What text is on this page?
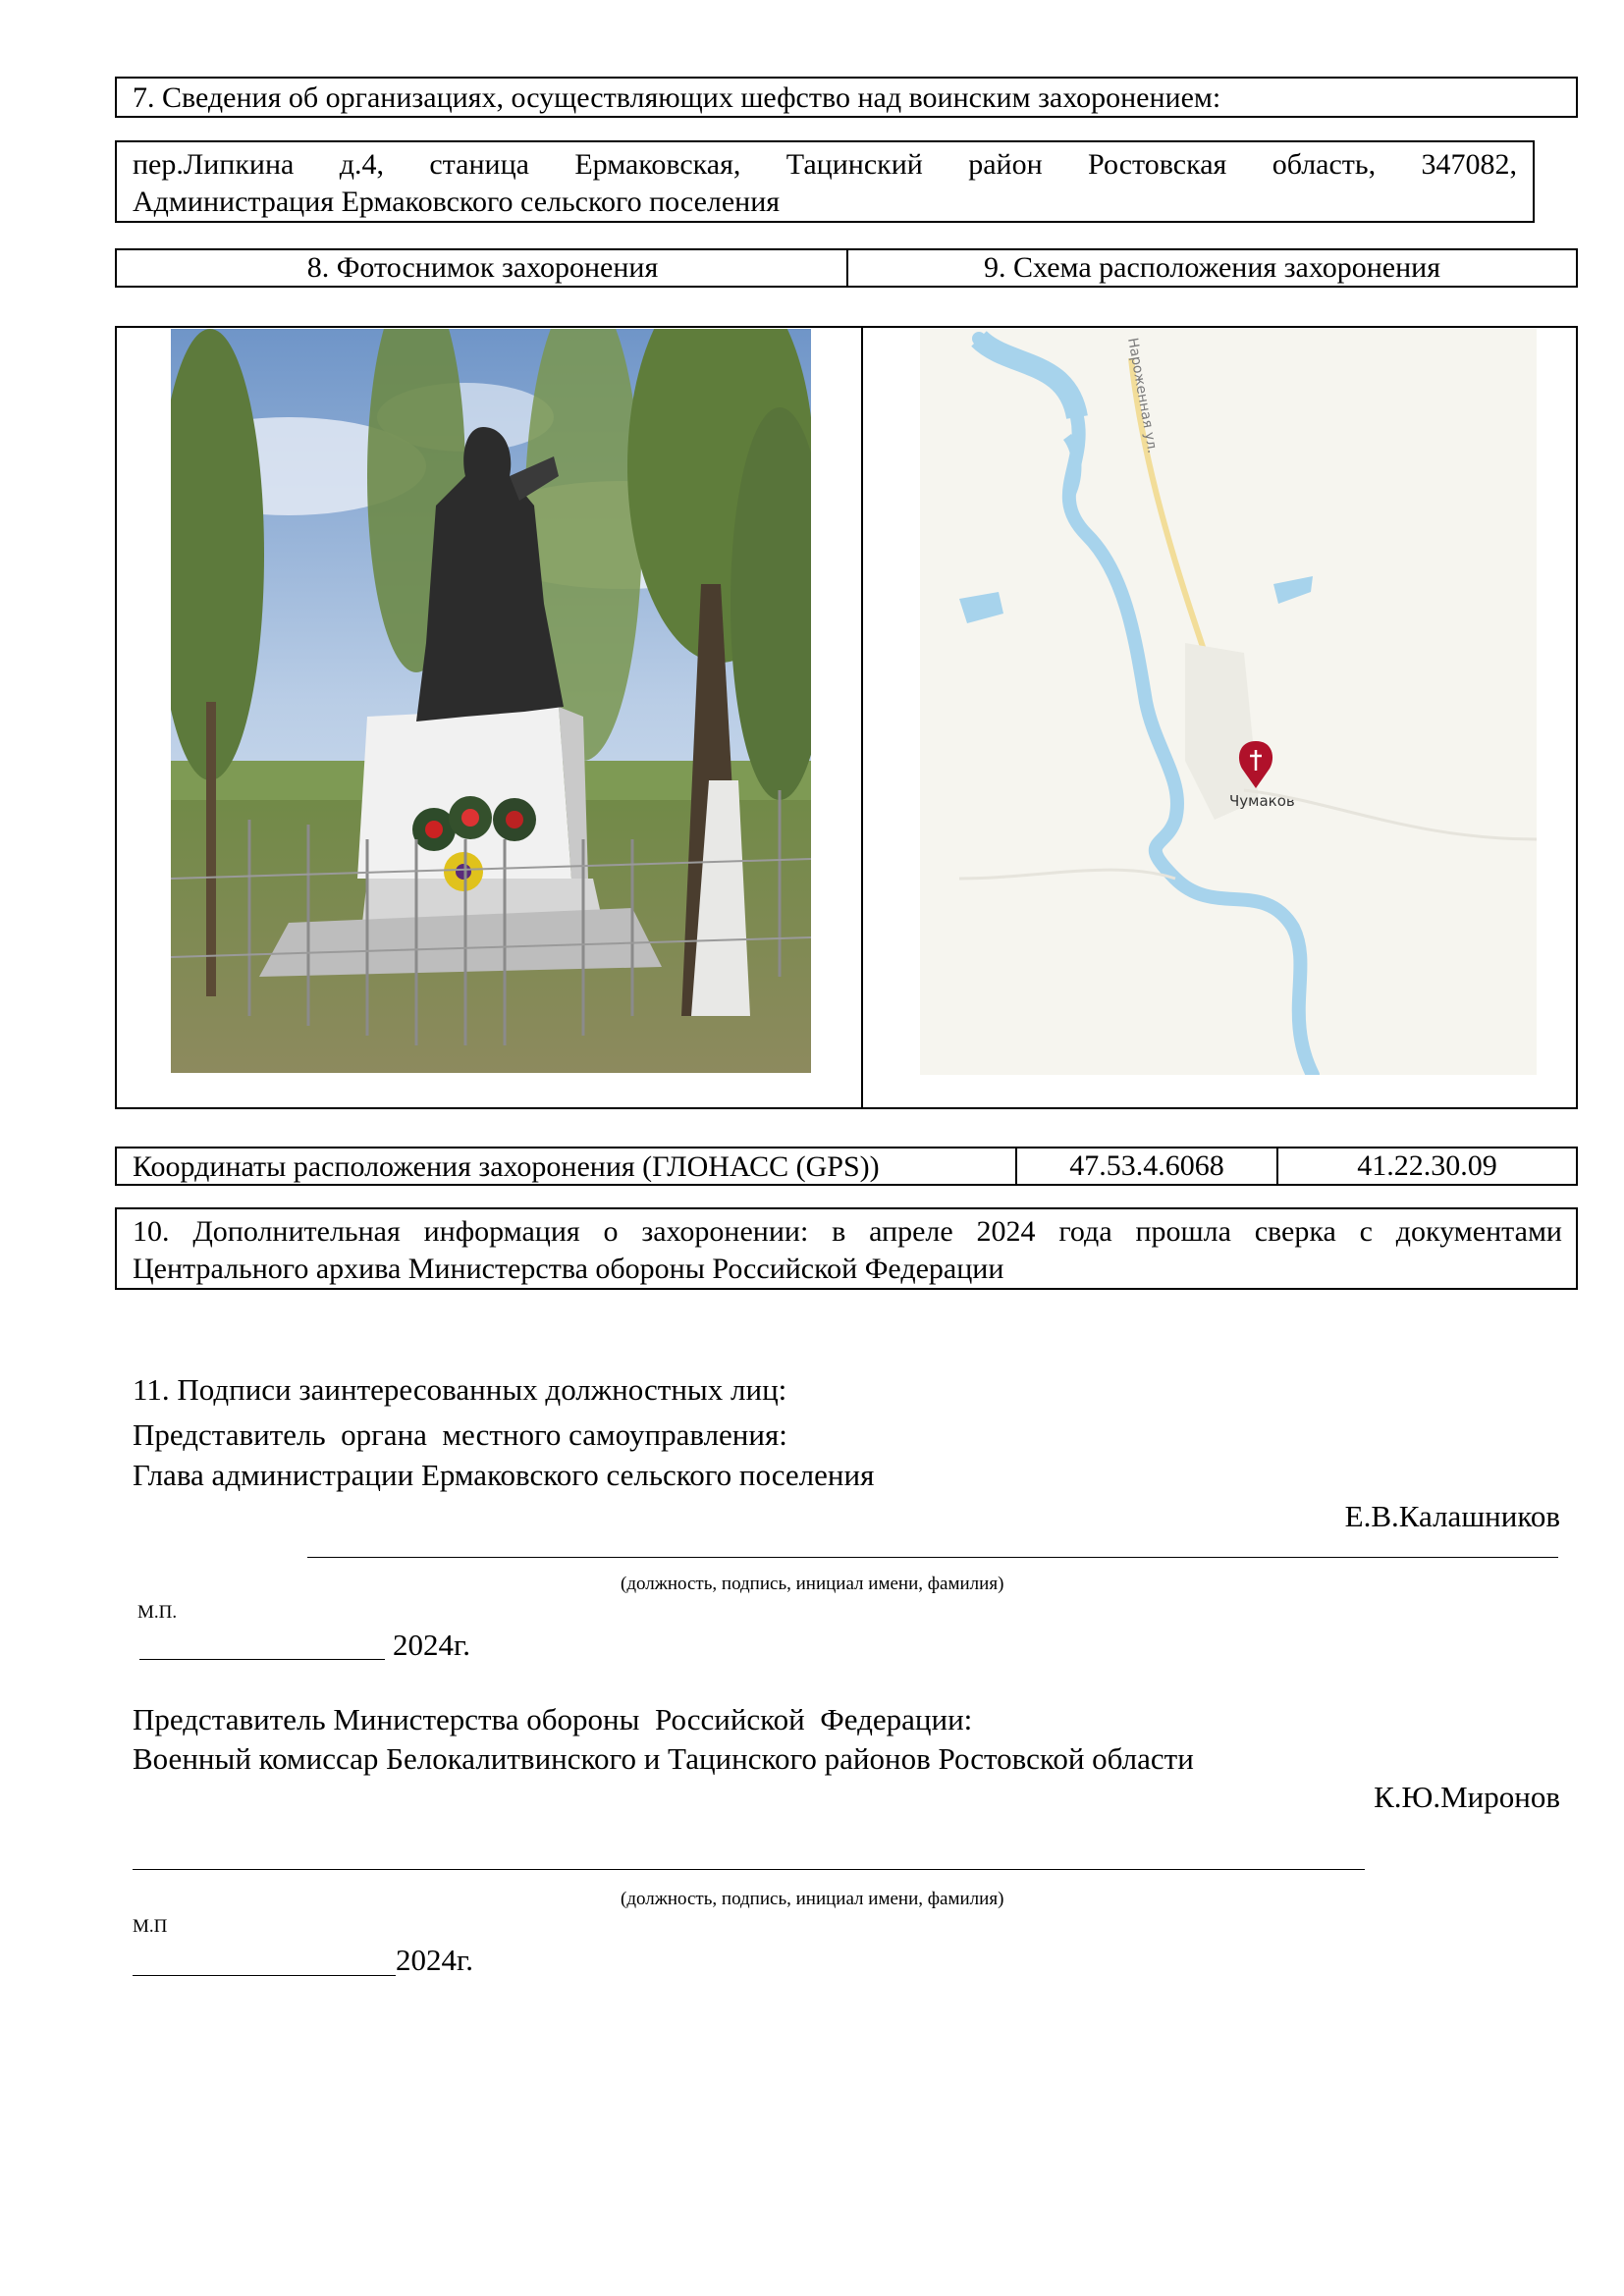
7. Сведения об организациях, осуществляющих шефство над воинским захоронением:
пер.Липкина д.4, станица Ермаковская, Тацинский район Ростовская область, 347082,
Администрация Ермаковского сельского поселения
8. Фотоснимок захоронения	9. Схема расположения захоронения
Нароженная ул.
Чумаков
Координаты расположения захоронения (ГЛОНАСС (GPS))	47.53.4.6068	41.22.30.09
10. Дополнительная информация о захоронении: в апреле 2024 года прошла сверка с документами
Центрального архива Министерства обороны Российской Федерации
11. Подписи заинтересованных должностных лиц:
Представитель  органа  местного самоуправления:
Глава администрации Ермаковского сельского поселения
Е.В.Калашников
(должность, подпись, инициал имени, фамилия)
М.П.
2024г.
Представитель Министерства обороны  Российской  Федерации:
Военный комиссар Белокалитвинского и Тацинского районов Ростовской области
К.Ю.Миронов
(должность, подпись, инициал имени, фамилия)
М.П
2024г.
